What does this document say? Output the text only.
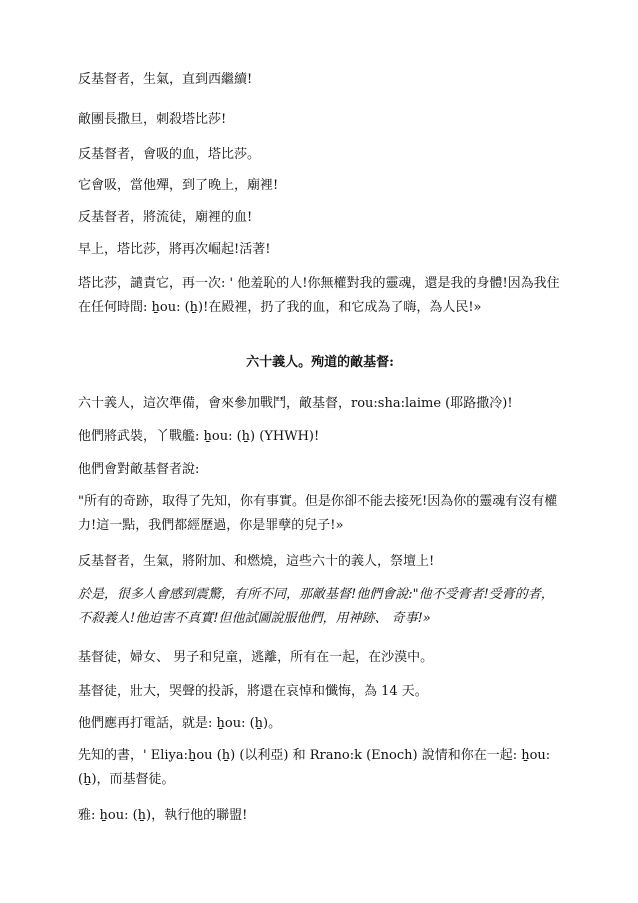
反基督者，生氣，直到西繼續!

敵團長撒旦，刺殺塔比莎!

反基督者，會吸的血，塔比莎。

它會吸，當他殫，到了晚上，廟裡!

反基督者，將流徒，廟裡的血!

早上，塔比莎，將再次崛起!活著!

塔比莎，譴責它，再一次: ' 他羞恥的人!你無權對我的靈魂，還是我的身體!因為我住在任何時間: ẖou: (ẖ)!在殿裡，扔了我的血，和它成為了嗨，為人民!»

六十義人。殉道的敵基督:

六十義人，這次準備，會來參加戰鬥，敵基督，rou:sha:laime (耶路撒冷)!

他們將武裝，丫戰艦: ẖou: (ẖ) (YHWH)!

他們會對敵基督者說:

"所有的奇跡，取得了先知，你有事實。但是你卻不能去接死!因為你的靈魂有沒有權力!這一點，我們都經歷過，你是罪孽的兒子!»

反基督者，生氣，將附加、和燃燒，這些六十的義人，祭壇上!

於是，很多人會感到震驚，有所不同，那敵基督!他們會說:"他不受膏者!受膏的者，不殺義人!他迫害不真實!但他試圖說服他們，用神跡、 奇事!»

基督徒，婦女、 男子和兒童，逃離，所有在一起，在沙漠中。

基督徒，壯大，哭聲的投訴，將還在哀悼和懺悔，為 14 天。

他們應再打電話，就是: ẖou: (ẖ)。

先知的書，' Eliya:ẖou (ẖ) (以利亞) 和 Rrano:k (Enoch) 說情和你在一起: ẖou: (ẖ)，而基督徒。

雅: ẖou: (ẖ)，執行他的聯盟!
